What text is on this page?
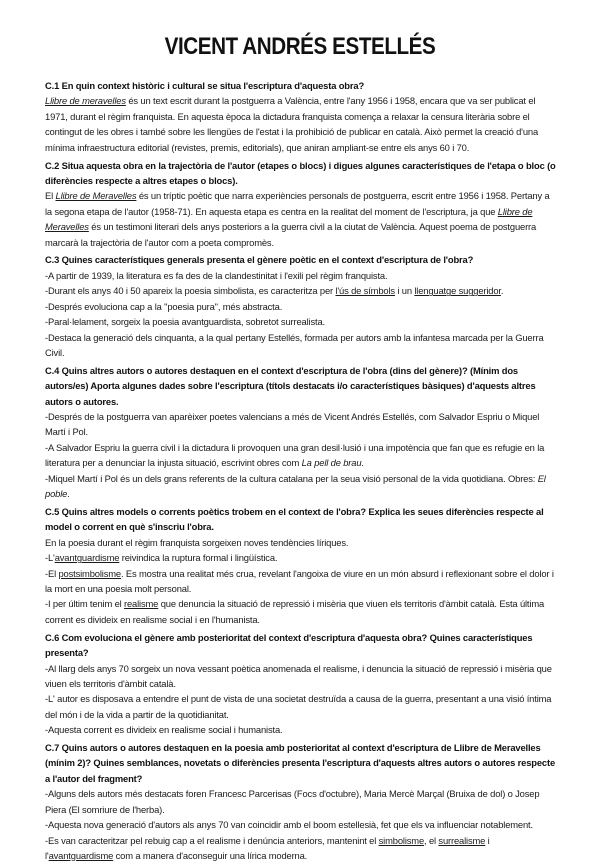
VICENT ANDRÉS ESTELLÉS
C.1 En quin context històric i cultural se situa l'escriptura d'aquesta obra?

Llibre de meravelles és un text escrit durant la postguerra a València, entre l'any 1956 i 1958, encara que va ser publicat el 1971, durant el règim franquista. En aquesta època la dictadura franquista comença a relaxar la censura literària sobre el contingut de les obres i també sobre les llengües de l'estat i la prohibició de publicar en català. Això permet la creació d'una mínima infraestructura editorial (revistes, premis, editorials), que aniran ampliant-se entre els anys 60 i 70.

C.2 Situa aquesta obra en la trajectòria de l'autor (etapes o blocs) i digues algunes característiques de l'etapa o bloc (o diferències respecte a altres etapes o blocs).

El Llibre de Meravelles és un tríptic poètic que narra experiències personals de postguerra, escrit entre 1956 i 1958. Pertany a la segona etapa de l'autor (1958-71). En aquesta etapa es centra en la realitat del moment de l'escriptura, ja que Llibre de Meravelles és un testimoni literari dels anys posteriors a la guerra civil a la ciutat de València. Aquest poema de postguerra marcarà la trajectòria de l'autor com a poeta compromès.

C.3 Quines característiques generals presenta el gènere poètic en el context d'escriptura de l'obra?

-A partir de 1939, la literatura es fa des de la clandestinitat i l'exili pel règim franquista.

-Durant els anys 40 i 50 apareix la poesia simbolista, es caracteritza per l'ús de símbols i un llenguatge suggeridor.

-Després evoluciona cap a la "poesia pura", més abstracta.

-Paral·lelament, sorgeix la poesia avantguardista, sobretot surrealista.

-Destaca la generació dels cinquanta, a la qual pertany Estellés, formada per autors amb la infantesa marcada per la Guerra Civil.

C.4 Quins altres autors o autores destaquen en el context d'escriptura de l'obra (dins del gènere)? (Mínim dos autors/es) Aporta algunes dades sobre l'escriptura (títols destacats i/o característiques bàsiques) d'aquests altres autors o autores.

-Després de la postguerra van aparèixer poetes valencians a més de Vicent Andrés Estellés, com Salvador Espriu o Miquel Martí i Pol.

-A Salvador Espriu la guerra civil i la dictadura li provoquen una gran desil·lusió i una impotència que fan que es refugie en la literatura per a denunciar la injusta situació, escrivint obres com La pell de brau.

-Miquel Martí i Pol és un dels grans referents de la cultura catalana per la seua visió personal de la vida quotidiana. Obres: El poble.

C.5 Quins altres models o corrents poètics trobem en el context de l'obra? Explica les seues diferències respecte al model o corrent en què s'inscriu l'obra.

En la poesia durant el règim franquista sorgeixen noves tendències líriques.

-L'avantguardisme reivindica la ruptura formal i lingüística.

-El postsimbolisme. Es mostra una realitat més crua, revelant l'angoixa de viure en un món absurd i reflexionant sobre el dolor i la mort en una poesia molt personal.

-I per últim tenim el realisme que denuncia la situació de repressió i misèria que viuen els territoris d'àmbit català. Esta última corrent es divideix en realisme social i en l'humanista.

C.6 Com evoluciona el gènere amb posterioritat del context d'escriptura d'aquesta obra? Quines característiques presenta?

-Al llarg dels anys 70 sorgeix un nova vessant poètica anomenada el realisme, i denuncia la situació de repressió i misèria que viuen els territoris d'àmbit català.

-L' autor es disposava a entendre el punt de vista de una societat destruïda a causa de la guerra, presentant a una visió íntima del món i de la vida a partir de la quotidianitat.

-Aquesta corrent es divideix en realisme social i humanista.

C.7 Quins autors o autores destaquen en la poesia amb posterioritat al context d'escriptura de Llibre de Meravelles (mínim 2)? Quines semblances, novetats o diferències presenta l'escriptura d'aquests altres autors o autores respecte a l'autor del fragment?

-Alguns dels autors més destacats foren Francesc Parcerisas (Focs d'octubre), Maria Mercè Marçal (Bruixa de dol) o Josep Piera (El somriure de l'herba).

-Aquesta nova generació d'autors als anys 70 van coincidir amb el boom estellesià, fet que els va influenciar notablement.

-Es van caracteritzar pel rebuig cap a el realisme i denúncia anteriors, mantenint el simbolisme, el surrealisme i l'avantguardisme com a manera d'aconseguir una lírica moderna.
